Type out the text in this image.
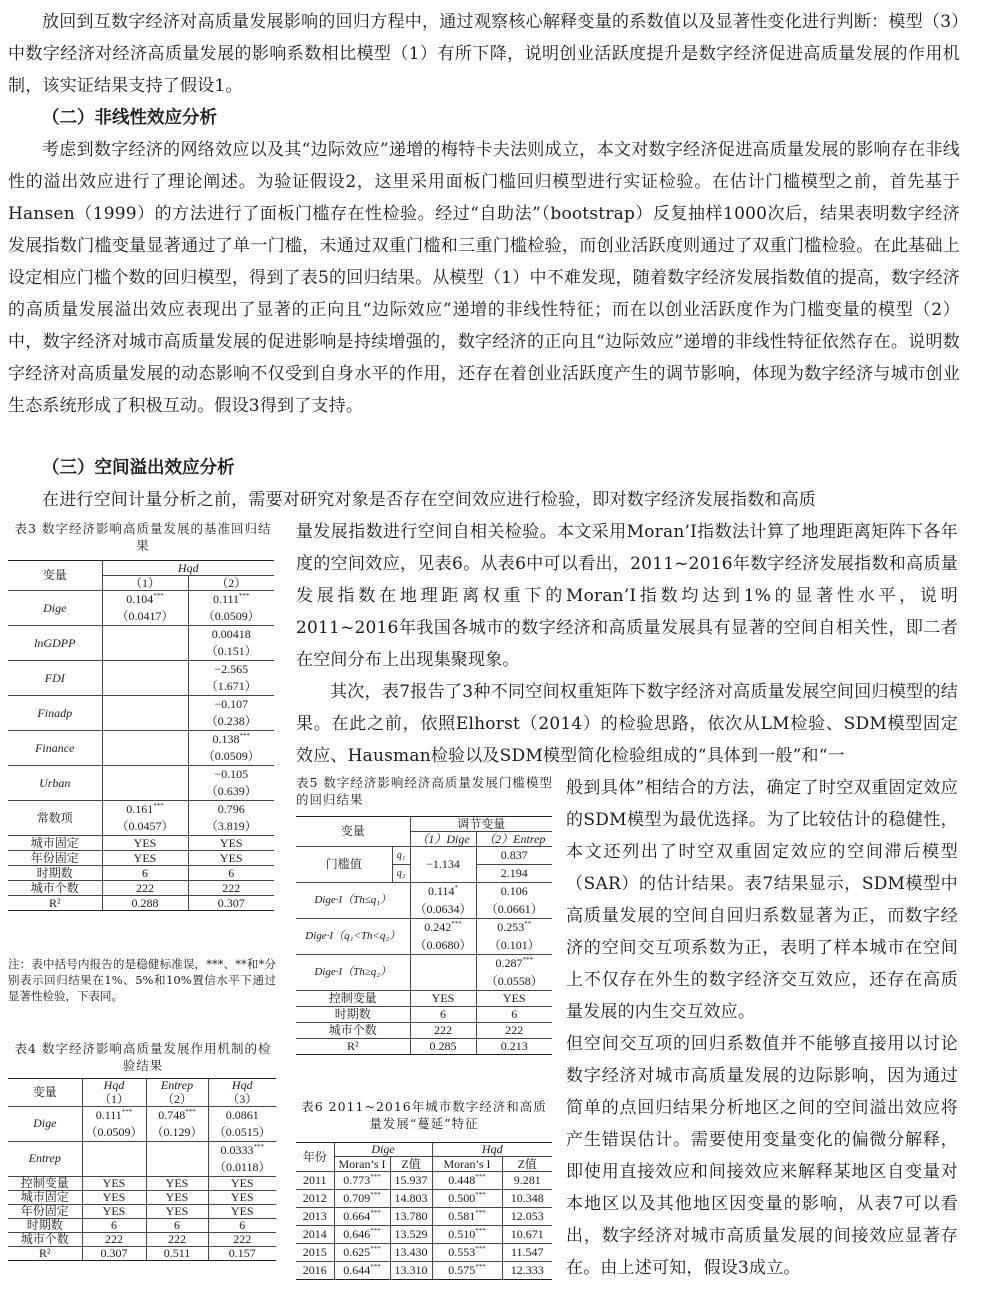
放回到互数字经济对高质量发展影响的回归方程中，通过观察核心解释变量的系数值以及显著性变化进行判断：模型（3）中数字经济对经济高质量发展的影响系数相比模型（1）有所下降，说明创业活跃度提升是数字经济促进高质量发展的作用机制，该实证结果支持了假设1。
（二）非线性效应分析
考虑到数字经济的网络效应以及其“边际效应”递增的梅特卡夫法则成立，本文对数字经济促进高质量发展的影响存在非线性的溢出效应进行了理论阐述。为验证假设2，这里采用面板门槛回归模型进行实证检验。在估计门槛模型之前，首先基于Hansen（1999）的方法进行了面板门槛存在性检验。经过“自助法”（bootstrap）反复抽样1000次后，结果表明数字经济发展指数门槛变量显著通过了单一门槛，未通过双重门槛和三重门槛检验，而创业活跃度则通过了双重门槛检验。在此基础上设定相应门槛个数的回归模型，得到了表5的回归结果。从模型（1）中不难发现，随着数字经济发展指数值的提高，数字经济的高质量发展溢出效应表现出了显著的正向且“边际效应”递增的非线性特征；而在以创业活跃度作为门槛变量的模型（2）中，数字经济对城市高质量发展的促进影响是持续增强的，数字经济的正向且“边际效应”递增的非线性特征依然存在。说明数字经济对高质量发展的动态影响不仅受到自身水平的作用，还存在着创业活跃度产生的调节影响，体现为数字经济与城市创业生态系统形成了积极互动。假设3得到了支持。
（三）空间溢出效应分析
在进行空间计量分析之前，需要对研究对象是否存在空间效应进行检验，即对数字经济发展指数和高质
量发展指数进行空间自相关检验。本文采用Moran’I指数法计算了地理距离矩阵下各年度的空间效应，见表6。从表6中可以看出，2011~2016年数字经济发展指数和高质量发展指数在地理距离权重下的Moran’I指数均达到1%的显著性水平，说明2011~2016年我国各城市的数字经济和高质量发展具有显著的空间自相关性，即二者在空间分布上出现集聚现象。
其次，表7报告了3种不同空间权重矩阵下数字经济对高质量发展空间回归模型的结果。在此之前，依照Elhorst（2014）的检验思路，依次从LM检验、SDM模型固定效应、Hausman检验以及SDM模型简化检验组成的“具体到一般”和“一
般到具体”相结合的方法，确定了时空双重固定效应的SDM模型为最优选择。为了比较估计的稳健性，本文还列出了时空双重固定效应的空间滞后模型（SAR）的估计结果。表7结果显示，SDM模型中高质量发展的空间自回归系数显著为正，而数字经济的空间交互项系数为正，表明了样本城市在空间上不仅存在外生的数字经济交互效应，还存在高质量发展的内生交互效应。
但空间交互项的回归系数值并不能够直接用以讨论数字经济对城市高质量发展的边际影响，因为通过简单的点回归结果分析地区之间的空间溢出效应将产生错误估计。需要使用变量变化的偏微分解释，即使用直接效应和间接效应来解释某地区自变量对本地区以及其他地区因变量的影响，从表7可以看出，数字经济对城市高质量发展的间接效应显著存在。由上述可知，假设3成立。
表3 数字经济影响高质量发展的基准回归结果
变量	Hqd	
	（1）	（2）
Dige	0.104***	0.111***
	（0.0417）	（0.0509）
lnGDPP		0.00418
		（0.151）
FDI		−2.565
		（1.671）
Finadp		−0.107
		（0.238）
Finance		0.138***
		（0.0509）
Urban		−0.105
		（0.639）
常数项	0.161***	0.796
	（0.0457）	（3.819）
城市固定	YES	YES
年份固定	YES	YES
时期数	6	6
城市个数	222	222
R²	0.288	0.307
注：表中括号内报告的是稳健标准误，***、**和*分别表示回归结果在1%、5%和10%置信水平下通过显著性检验，下表同。
表4 数字经济影响高质量发展作用机制的检验结果
变量	Hqd	Entrep	Hqd
	（1）	（2）	（3）
Dige	0.111***	0.748***	0.0861
	（0.0509）	（0.129）	（0.0515）
Entrep			0.0333***
			（0.0118）
控制变量	YES	YES	YES
城市固定	YES	YES	YES
年份固定	YES	YES	YES
时期数	6	6	6
城市个数	222	222	222
R²	0.307	0.511	0.157
表5 数字经济影响经济高质量发展门槛模型的回归结果
变量		调节变量	
		（1）Dige	（2）Entrep
门槛值	q₁	−1.134	0.837
	q₂		2.194
Dige·I（Th≤q₁）		0.114*	0.106
		（0.0634）	（0.0661）
Dige·I（q₁<Th<q₂）		0.242***	0.253**
		（0.0680）	（0.101）
Dige·I（Th≥q₂）			0.287***
			（0.0558）
控制变量		YES	YES
时期数		6	6
城市个数		222	222
R²		0.285	0.213
表6 2011~2016年城市数字经济和高质量发展“蔓延”特征
年份	Dige		Hqd	
	Moran’s I	Z值	Moran’s I	Z值
2011	0.773***	15.937	0.448***	9.281
2012	0.709***	14.803	0.500***	10.348
2013	0.664***	13.780	0.581***	12.053
2014	0.646***	13.529	0.510***	10.671
2015	0.625***	13.430	0.553***	11.547
2016	0.644***	13.310	0.575***	12.333
